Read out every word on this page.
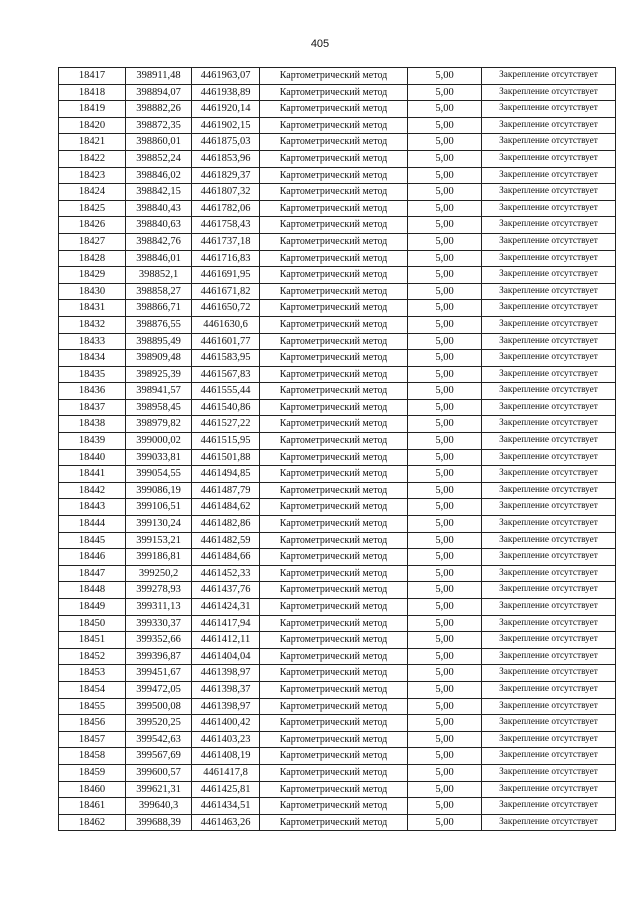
405
18417	398911,48	4461963,07	Картометрический метод	5,00	Закрепление отсутствует
18418	398894,07	4461938,89	Картометрический метод	5,00	Закрепление отсутствует
18419	398882,26	4461920,14	Картометрический метод	5,00	Закрепление отсутствует
18420	398872,35	4461902,15	Картометрический метод	5,00	Закрепление отсутствует
18421	398860,01	4461875,03	Картометрический метод	5,00	Закрепление отсутствует
18422	398852,24	4461853,96	Картометрический метод	5,00	Закрепление отсутствует
18423	398846,02	4461829,37	Картометрический метод	5,00	Закрепление отсутствует
18424	398842,15	4461807,32	Картометрический метод	5,00	Закрепление отсутствует
18425	398840,43	4461782,06	Картометрический метод	5,00	Закрепление отсутствует
18426	398840,63	4461758,43	Картометрический метод	5,00	Закрепление отсутствует
18427	398842,76	4461737,18	Картометрический метод	5,00	Закрепление отсутствует
18428	398846,01	4461716,83	Картометрический метод	5,00	Закрепление отсутствует
18429	398852,1	4461691,95	Картометрический метод	5,00	Закрепление отсутствует
18430	398858,27	4461671,82	Картометрический метод	5,00	Закрепление отсутствует
18431	398866,71	4461650,72	Картометрический метод	5,00	Закрепление отсутствует
18432	398876,55	4461630,6	Картометрический метод	5,00	Закрепление отсутствует
18433	398895,49	4461601,77	Картометрический метод	5,00	Закрепление отсутствует
18434	398909,48	4461583,95	Картометрический метод	5,00	Закрепление отсутствует
18435	398925,39	4461567,83	Картометрический метод	5,00	Закрепление отсутствует
18436	398941,57	4461555,44	Картометрический метод	5,00	Закрепление отсутствует
18437	398958,45	4461540,86	Картометрический метод	5,00	Закрепление отсутствует
18438	398979,82	4461527,22	Картометрический метод	5,00	Закрепление отсутствует
18439	399000,02	4461515,95	Картометрический метод	5,00	Закрепление отсутствует
18440	399033,81	4461501,88	Картометрический метод	5,00	Закрепление отсутствует
18441	399054,55	4461494,85	Картометрический метод	5,00	Закрепление отсутствует
18442	399086,19	4461487,79	Картометрический метод	5,00	Закрепление отсутствует
18443	399106,51	4461484,62	Картометрический метод	5,00	Закрепление отсутствует
18444	399130,24	4461482,86	Картометрический метод	5,00	Закрепление отсутствует
18445	399153,21	4461482,59	Картометрический метод	5,00	Закрепление отсутствует
18446	399186,81	4461484,66	Картометрический метод	5,00	Закрепление отсутствует
18447	399250,2	4461452,33	Картометрический метод	5,00	Закрепление отсутствует
18448	399278,93	4461437,76	Картометрический метод	5,00	Закрепление отсутствует
18449	399311,13	4461424,31	Картометрический метод	5,00	Закрепление отсутствует
18450	399330,37	4461417,94	Картометрический метод	5,00	Закрепление отсутствует
18451	399352,66	4461412,11	Картометрический метод	5,00	Закрепление отсутствует
18452	399396,87	4461404,04	Картометрический метод	5,00	Закрепление отсутствует
18453	399451,67	4461398,97	Картометрический метод	5,00	Закрепление отсутствует
18454	399472,05	4461398,37	Картометрический метод	5,00	Закрепление отсутствует
18455	399500,08	4461398,97	Картометрический метод	5,00	Закрепление отсутствует
18456	399520,25	4461400,42	Картометрический метод	5,00	Закрепление отсутствует
18457	399542,63	4461403,23	Картометрический метод	5,00	Закрепление отсутствует
18458	399567,69	4461408,19	Картометрический метод	5,00	Закрепление отсутствует
18459	399600,57	4461417,8	Картометрический метод	5,00	Закрепление отсутствует
18460	399621,31	4461425,81	Картометрический метод	5,00	Закрепление отсутствует
18461	399640,3	4461434,51	Картометрический метод	5,00	Закрепление отсутствует
18462	399688,39	4461463,26	Картометрический метод	5,00	Закрепление отсутствует
